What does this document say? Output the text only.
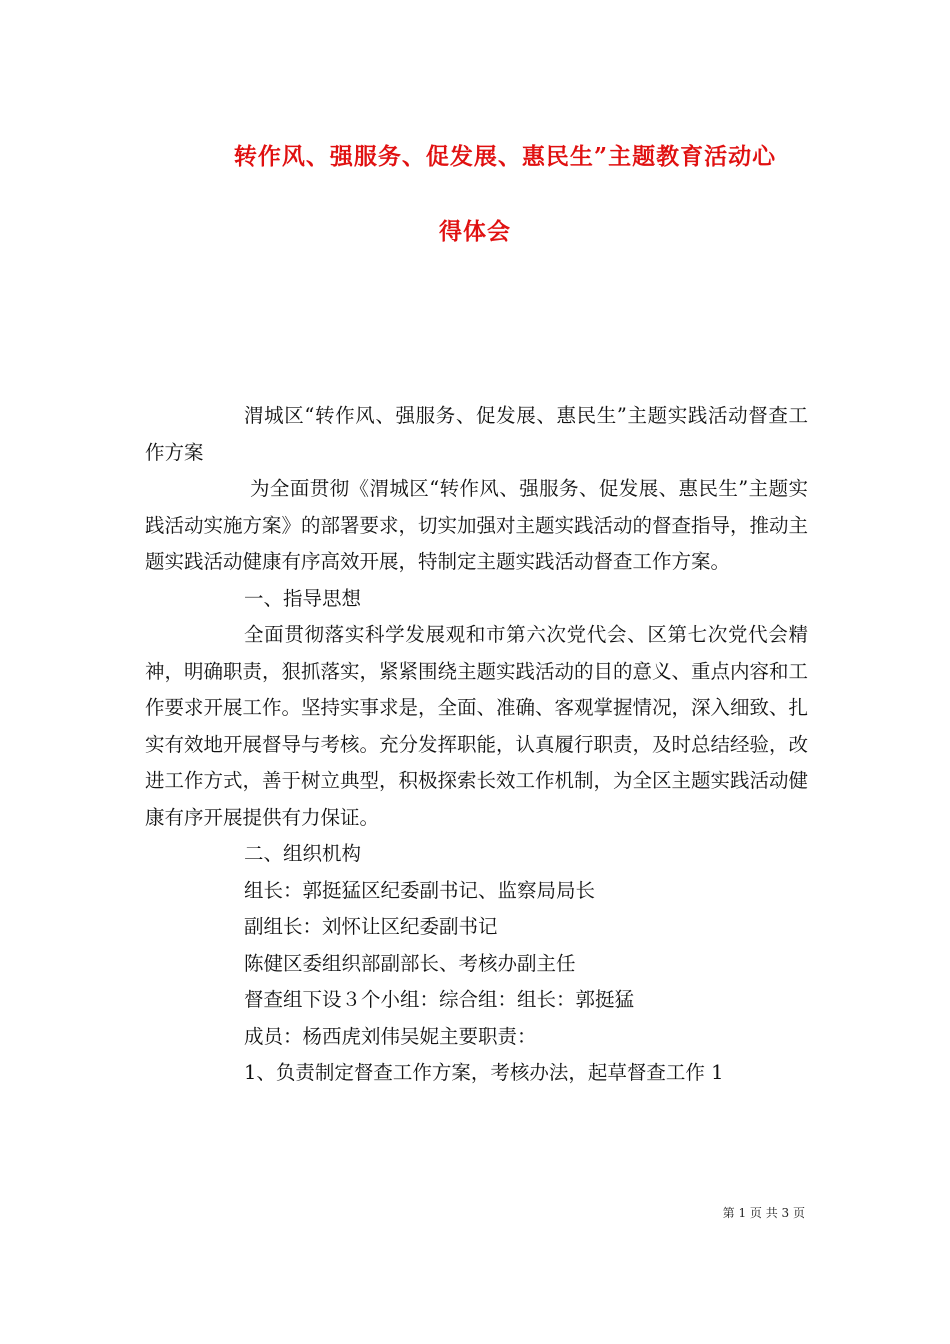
转作风、强服务、促发展、惠民生”主题教育活动心
得体会

渭城区“转作风、强服务、促发展、惠民生”主题实践活动督查工作方案

为全面贯彻《渭城区“转作风、强服务、促发展、惠民生”主题实践活动实施方案》的部署要求，切实加强对主题实践活动的督查指导，推动主题实践活动健康有序高效开展，特制定主题实践活动督查工作方案。

一、指导思想

全面贯彻落实科学发展观和市第六次党代会、区第七次党代会精神，明确职责，狠抓落实，紧紧围绕主题实践活动的目的意义、重点内容和工作要求开展工作。坚持实事求是，全面、准确、客观掌握情况，深入细致、扎实有效地开展督导与考核。充分发挥职能，认真履行职责，及时总结经验，改进工作方式，善于树立典型，积极探索长效工作机制，为全区主题实践活动健康有序开展提供有力保证。

二、组织机构

组长：郭挺猛区纪委副书记、监察局局长

副组长：刘怀让区纪委副书记

陈健区委组织部副部长、考核办副主任

督查组下设３个小组：综合组：组长：郭挺猛

成员：杨西虎刘伟吴妮主要职责：

1、负责制定督查工作方案，考核办法，起草督查工作 1

第 1 页 共 3 页
